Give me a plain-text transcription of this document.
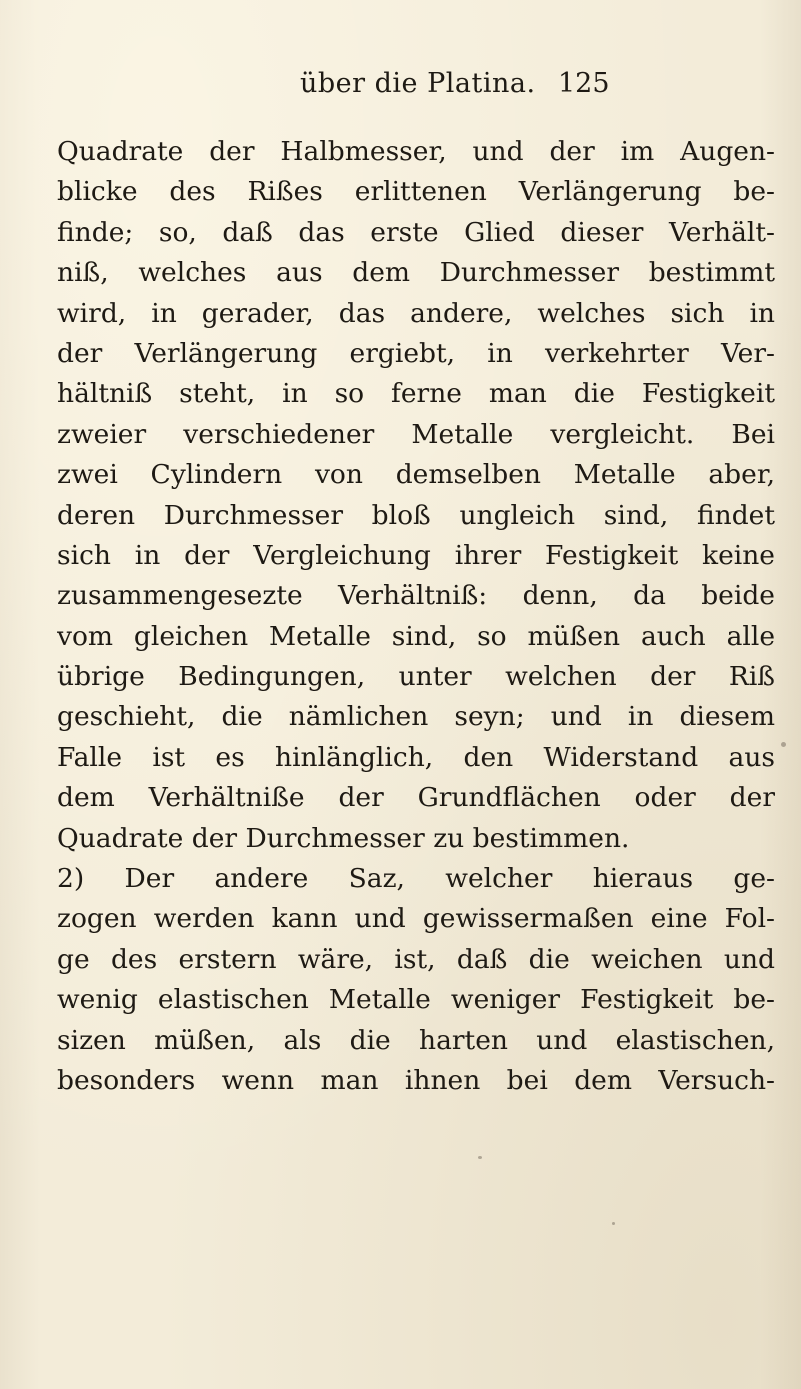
über die Platina. 125
Quadrate der Halbmesser, und der im Augen-
blicke des Rißes erlittenen Verlängerung be-
finde; so, daß das erste Glied dieser Verhält-
niß, welches aus dem Durchmesser bestimmt
wird, in gerader, das andere, welches sich in
der Verlängerung ergiebt, in verkehrter Ver-
hältniß steht, in so ferne man die Festigkeit
zweier verschiedener Metalle vergleicht. Bei
zwei Cylindern von demselben Metalle aber,
deren Durchmesser bloß ungleich sind, findet
sich in der Vergleichung ihrer Festigkeit keine
zusammengesezte Verhältniß: denn, da beide
vom gleichen Metalle sind, so müßen auch alle
übrige Bedingungen, unter welchen der Riß
geschieht, die nämlichen seyn; und in diesem
Falle ist es hinlänglich, den Widerstand aus
dem Verhältniße der Grundflächen oder der
Quadrate der Durchmesser zu bestimmen.
2) Der andere Saz, welcher hieraus ge-
zogen werden kann und gewissermaßen eine Fol-
ge des erstern wäre, ist, daß die weichen und
wenig elastischen Metalle weniger Festigkeit be-
sizen müßen, als die harten und elastischen,
besonders wenn man ihnen bei dem Versuch-
